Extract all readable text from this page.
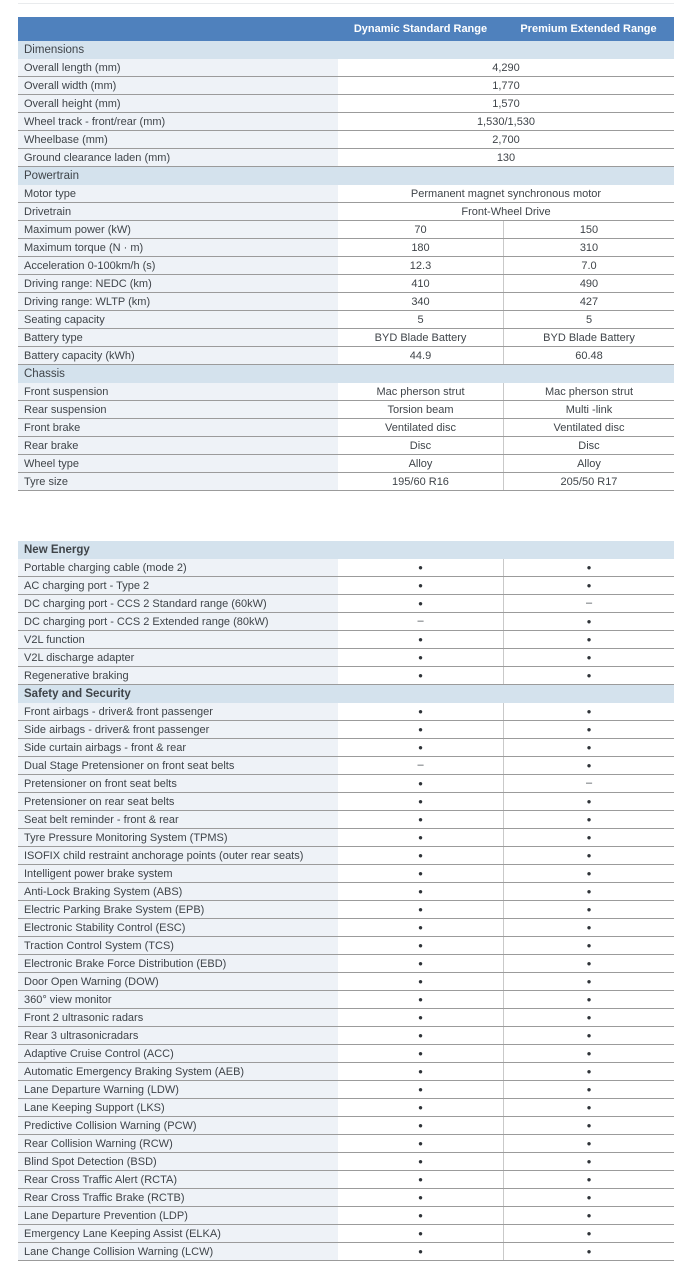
Dynamic Standard Range	Premium Extended Range
Dimensions
Overall length (mm)	4,290
Overall width (mm)	1,770
Overall height (mm)	1,570
Wheel track - front/rear (mm)	1,530/1,530
Wheelbase (mm)	2,700
Ground clearance laden (mm)	130
Powertrain
Motor type	Permanent magnet synchronous motor
Drivetrain	Front-Wheel Drive
Maximum power (kW)	70	150
Maximum torque (N · m)	180	310
Acceleration 0-100km/h (s)	12.3	7.0
Driving range: NEDC (km)	410	490
Driving range: WLTP (km)	340	427
Seating capacity	5	5
Battery type	BYD Blade Battery	BYD Blade Battery
Battery capacity (kWh)	44.9	60.48
Chassis
Front suspension	Mac pherson strut	Mac pherson strut
Rear suspension	Torsion beam	Multi -link
Front brake	Ventilated disc	Ventilated disc
Rear brake	Disc	Disc
Wheel type	Alloy	Alloy
Tyre size	195/60 R16	205/50 R17
New Energy
Portable charging cable (mode 2)	●	●
AC charging port - Type 2	●	●
DC charging port - CCS 2 Standard range (60kW)	●	–
DC charging port - CCS 2 Extended range (80kW)	–	●
V2L function	●	●
V2L discharge adapter	●	●
Regenerative braking	●	●
Safety and Security
Front airbags - driver& front passenger	●	●
Side airbags - driver& front passenger	●	●
Side curtain airbags - front & rear	●	●
Dual Stage Pretensioner on front seat belts	–	●
Pretensioner on front seat belts	●	–
Pretensioner on rear seat belts	●	●
Seat belt reminder - front & rear	●	●
Tyre Pressure Monitoring System (TPMS)	●	●
ISOFIX child restraint anchorage points (outer rear seats)	●	●
Intelligent power brake system	●	●
Anti-Lock Braking System (ABS)	●	●
Electric Parking Brake System (EPB)	●	●
Electronic Stability Control (ESC)	●	●
Traction Control System (TCS)	●	●
Electronic Brake Force Distribution (EBD)	●	●
Door Open Warning (DOW)	●	●
360° view monitor	●	●
Front 2 ultrasonic radars	●	●
Rear 3 ultrasonicradars	●	●
Adaptive Cruise Control (ACC)	●	●
Automatic Emergency Braking System (AEB)	●	●
Lane Departure Warning (LDW)	●	●
Lane Keeping Support (LKS)	●	●
Predictive Collision Warning (PCW)	●	●
Rear Collision Warning (RCW)	●	●
Blind Spot Detection (BSD)	●	●
Rear Cross Traffic Alert (RCTA)	●	●
Rear Cross Traffic Brake (RCTB)	●	●
Lane Departure Prevention (LDP)	●	●
Emergency Lane Keeping Assist (ELKA)	●	●
Lane Change Collision Warning (LCW)	●	●
